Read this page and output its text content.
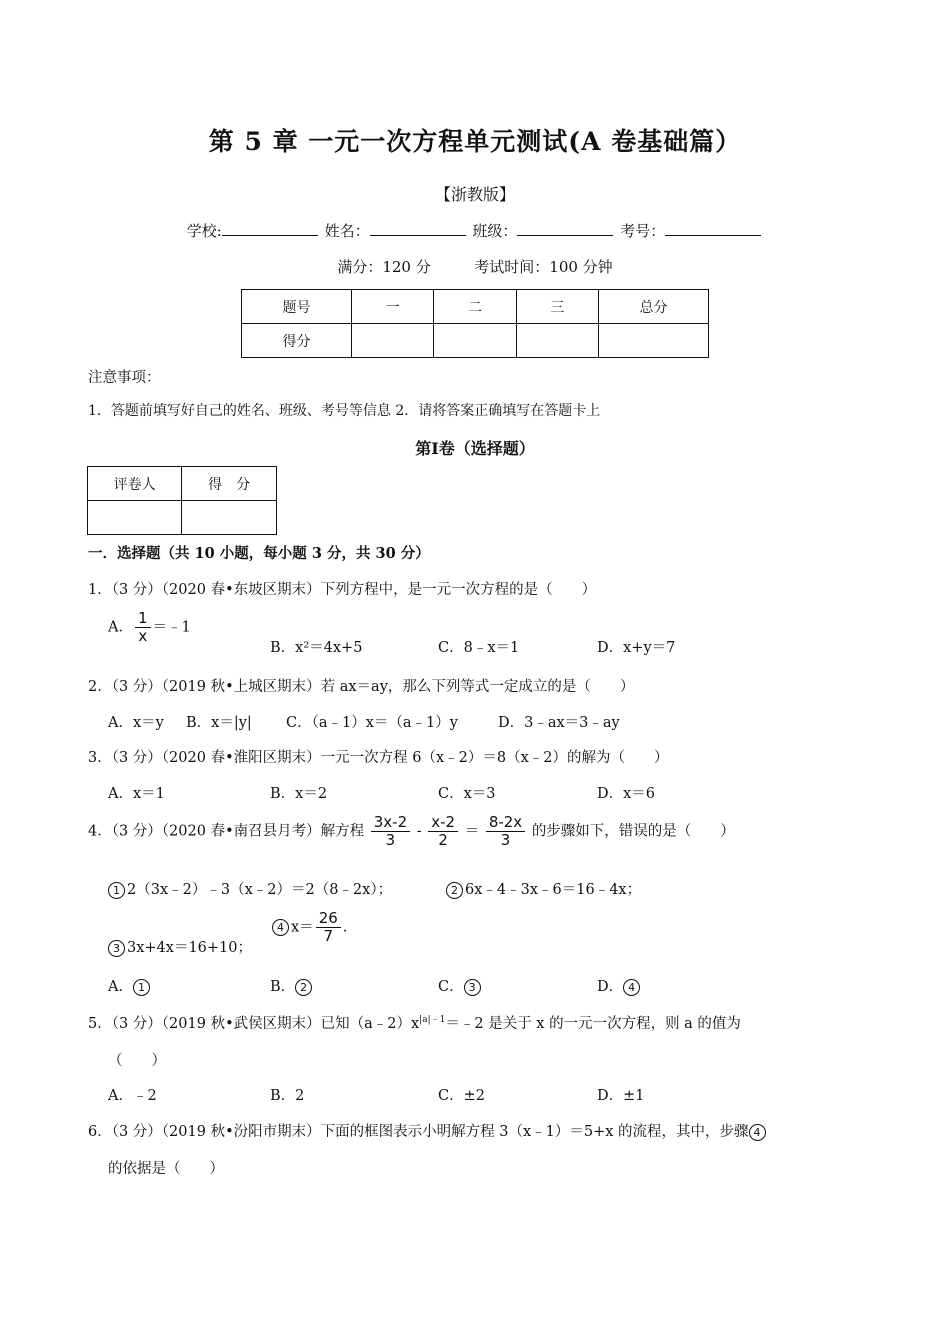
第 5 章 一元一次方程单元测试(A 卷基础篇）
【浙教版】
学校:	姓名：	班级：	考号：
满分：120 分	考试时间：100 分钟
题号	一	二	三	总分
得分				
注意事项：
1．答题前填写好自己的姓名、班级、考号等信息 2．请将答案正确填写在答题卡上
第Ⅰ卷（选择题）
评卷人	得　分

一．选择题（共 10 小题，每小题 3 分，共 30 分）
1．（3 分）（2020 春•东坡区期末）下列方程中，是一元一次方程的是（　　）
A． $\frac{1}{x}$ ＝﹣1
B．x²＝4x+5	C．8﹣x＝1	D．x+y＝7
2．（3 分）（2019 秋•上城区期末）若 ax＝ay，那么下列等式一定成立的是（　　）
A．x＝y B．x＝|y| C．（a﹣1）x＝（a﹣1）y	D．3﹣ax＝3﹣ay
3．（3 分）（2020 春•淮阳区期末）一元一次方程 6（x﹣2）＝8（x﹣2）的解为（　　）
A．x＝1	B．x＝2	C．x＝3	D．x＝6
4．（3 分）（2020 春•南召县月考）解方程 $\frac{3x-2}{3} - \frac{x-2}{2} = \frac{8-2x}{3}$ 的步骤如下，错误的是（　　）
1 2（3x﹣2）﹣3（x﹣2）＝2（8﹣2x）；	2 6x﹣4﹣3x﹣6＝16﹣4x；
3 3x+4x＝16+10；
4 $x= \frac{26}{7}$ .
A． 1	B． 2	C． 3	D． 4
5．（3 分）（2019 秋•武侯区期末）已知$(a﹣2)x^{|a|﹣1}=﹣2$ 是关于 x 的一元一次方程，则 a 的值为
（　　）
A．﹣2	B．2	C．±2	D．±1
6．（3 分）（2019 秋•汾阳市期末）下面的框图表示小明解方程 3（x﹣1）＝5+x 的流程，其中，步骤 4
的依据是（　　）
